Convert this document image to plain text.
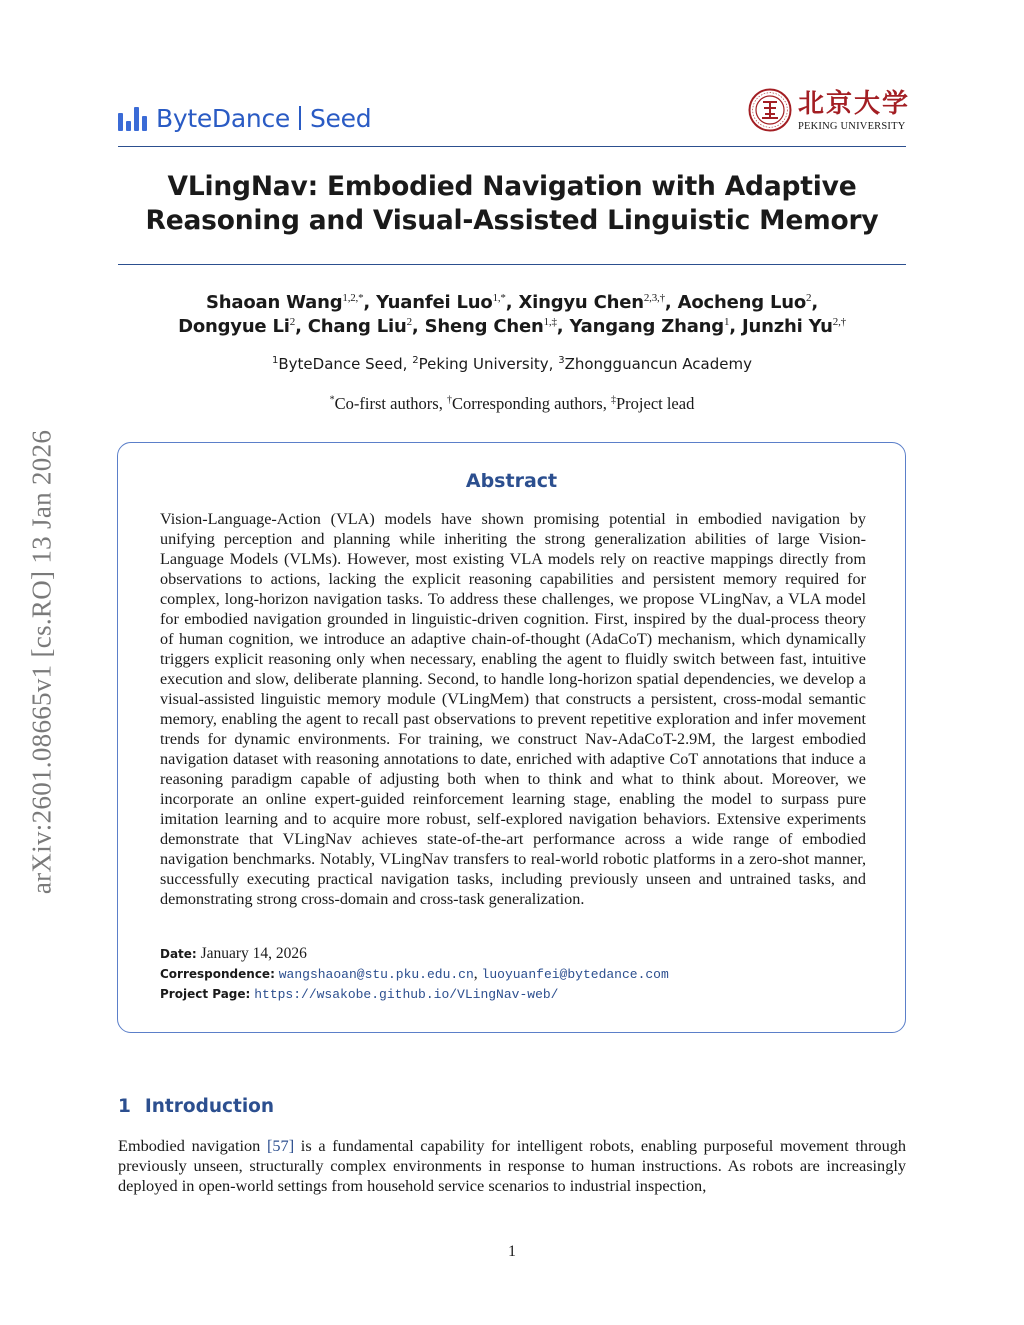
arXiv:2601.08665v1 [cs.RO] 13 Jan 2026
ByteDance Seed	北京大学
PEKING UNIVERSITY
VLingNav: Embodied Navigation with Adaptive
Reasoning and Visual-Assisted Linguistic Memory
Shaoan Wang$^{1,2,*}$, Yuanfei Luo$^{1,*}$, Xingyu Chen$^{2,3,\dagger}$, Aocheng Luo$^2$,
Dongyue Li$^2$, Chang Liu$^2$, Sheng Chen$^{1,\ddagger}$, Yangang Zhang$^1$, Junzhi $Yu^{2,\dagger}$
$^1$ByteDance Seed, $^2$Peking University, $^3$Zhongguancun Academy
*Co-first authors, †Corresponding authors, ‡Project lead
Abstract
Vision-Language-Action (VLA) models have shown promising potential in embodied navigation by unifying perception and planning while inheriting the strong generalization abilities of large Vision-Language Models (VLMs). However, most existing VLA models rely on reactive mappings directly from observations to actions, lacking the explicit reasoning capabilities and persistent memory required for complex, long-horizon navigation tasks. To address these challenges, we propose VLingNav, a VLA model for embodied navigation grounded in linguistic-driven cognition. First, inspired by the dual-process theory of human cognition, we introduce an adaptive chain-of-thought (AdaCoT) mechanism, which dynamically triggers explicit reasoning only when necessary, enabling the agent to fluidly switch between fast, intuitive execution and slow, deliberate planning. Second, to handle long-horizon spatial dependencies, we develop a visual-assisted linguistic memory module (VLingMem) that constructs a persistent, cross-modal semantic memory, enabling the agent to recall past observations to prevent repetitive exploration and infer movement trends for dynamic environments. For training, we construct Nav-AdaCoT-2.9M, the largest embodied navigation dataset with reasoning annotations to date, enriched with adaptive CoT annotations that induce a reasoning paradigm capable of adjusting both when to think and what to think about. Moreover, we incorporate an online expert-guided reinforcement learning stage, enabling the model to surpass pure imitation learning and to acquire more robust, self-explored navigation behaviors. Extensive experiments demonstrate that VLingNav achieves state-of-the-art performance across a wide range of embodied navigation benchmarks. Notably, VLingNav transfers to real-world robotic platforms in a zero-shot manner, successfully executing practical navigation tasks, including previously unseen and untrained tasks, and demonstrating strong cross-domain and cross-task generalization.
Date: January 14, 2026
Correspondence: wangshaoan@stu.pku.edu.cn, luoyuanfei@bytedance.com
Project Page: https://wsakobe.github.io/VLingNav-web/
1 Introduction
Embodied navigation [57] is a fundamental capability for intelligent robots, enabling purposeful movement through previously unseen, structurally complex environments in response to human instructions. As robots are increasingly deployed in open-world settings from household service scenarios to industrial inspection,
1
